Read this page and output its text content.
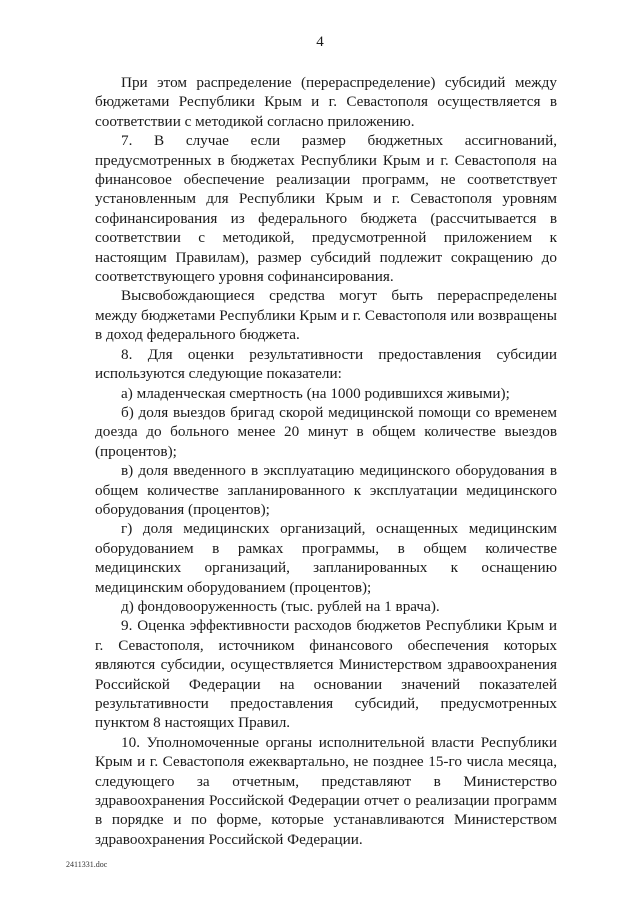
4

При этом распределение (перераспределение) субсидий между бюджетами Республики Крым и г. Севастополя осуществляется в соответствии с методикой согласно приложению.

7. В случае если размер бюджетных ассигнований, предусмотренных в бюджетах Республики Крым и г. Севастополя на финансовое обеспечение реализации программ, не соответствует установленным для Республики Крым и г. Севастополя уровням софинансирования из федерального бюджета (рассчитывается в соответствии с методикой, предусмотренной приложением к настоящим Правилам), размер субсидий подлежит сокращению до соответствующего уровня софинансирования.

Высвобождающиеся средства могут быть перераспределены между бюджетами Республики Крым и г. Севастополя или возвращены в доход федерального бюджета.

8. Для оценки результативности предоставления субсидии используются следующие показатели:

а) младенческая смертность (на 1000 родившихся живыми);

б) доля выездов бригад скорой медицинской помощи со временем доезда до больного менее 20 минут в общем количестве выездов (процентов);

в) доля введенного в эксплуатацию медицинского оборудования в общем количестве запланированного к эксплуатации медицинского оборудования (процентов);

г) доля медицинских организаций, оснащенных медицинским оборудованием в рамках программы, в общем количестве медицинских организаций, запланированных к оснащению медицинским оборудованием (процентов);

д) фондовооруженность (тыс. рублей на 1 врача).

9. Оценка эффективности расходов бюджетов Республики Крым и г. Севастополя, источником финансового обеспечения которых являются субсидии, осуществляется Министерством здравоохранения Российской Федерации на основании значений показателей результативности предоставления субсидий, предусмотренных пунктом 8 настоящих Правил.

10. Уполномоченные органы исполнительной власти Республики Крым и г. Севастополя ежеквартально, не позднее 15-го числа месяца, следующего за отчетным, представляют в Министерство здравоохранения Российской Федерации отчет о реализации программ в порядке и по форме, которые устанавливаются Министерством здравоохранения Российской Федерации.

2411331.doc
